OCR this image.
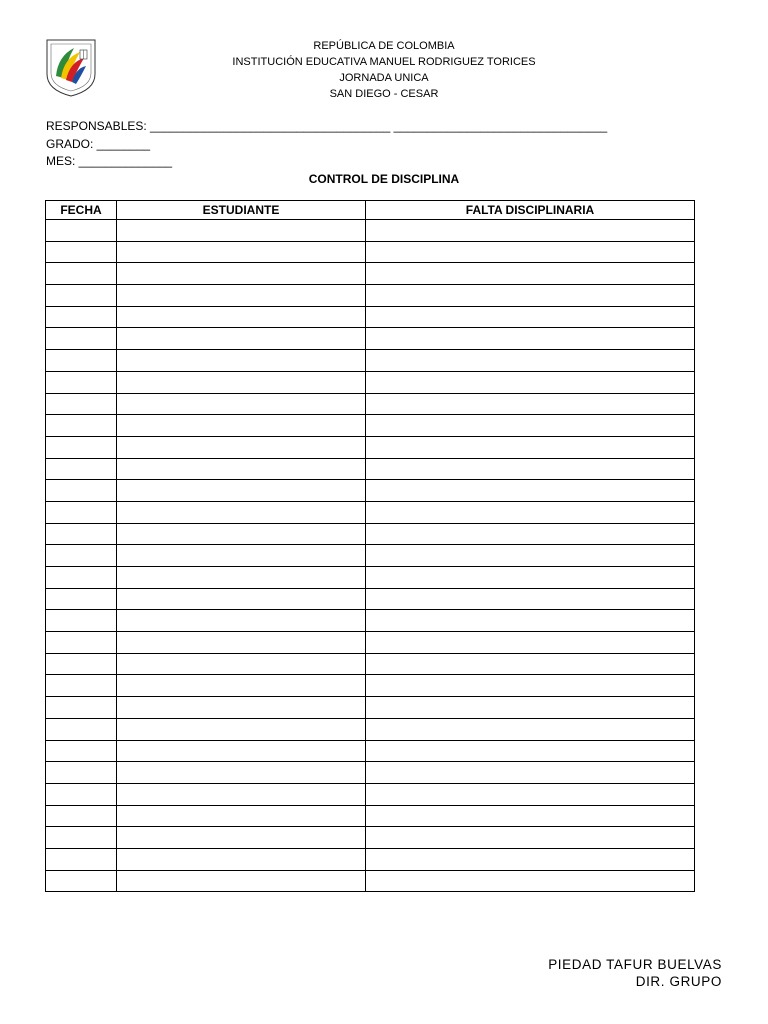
REPÚBLICA DE COLOMBIA
INSTITUCIÓN EDUCATIVA MANUEL RODRIGUEZ TORICES
JORNADA UNICA
SAN DIEGO - CESAR
RESPONSABLES: ____________________________________ ________________________________
GRADO: ________
MES: ______________
CONTROL DE DISCIPLINA
FECHA	ESTUDIANTE	FALTA DISCIPLINARIA

PIEDAD TAFUR BUELVAS
DIR. GRUPO
